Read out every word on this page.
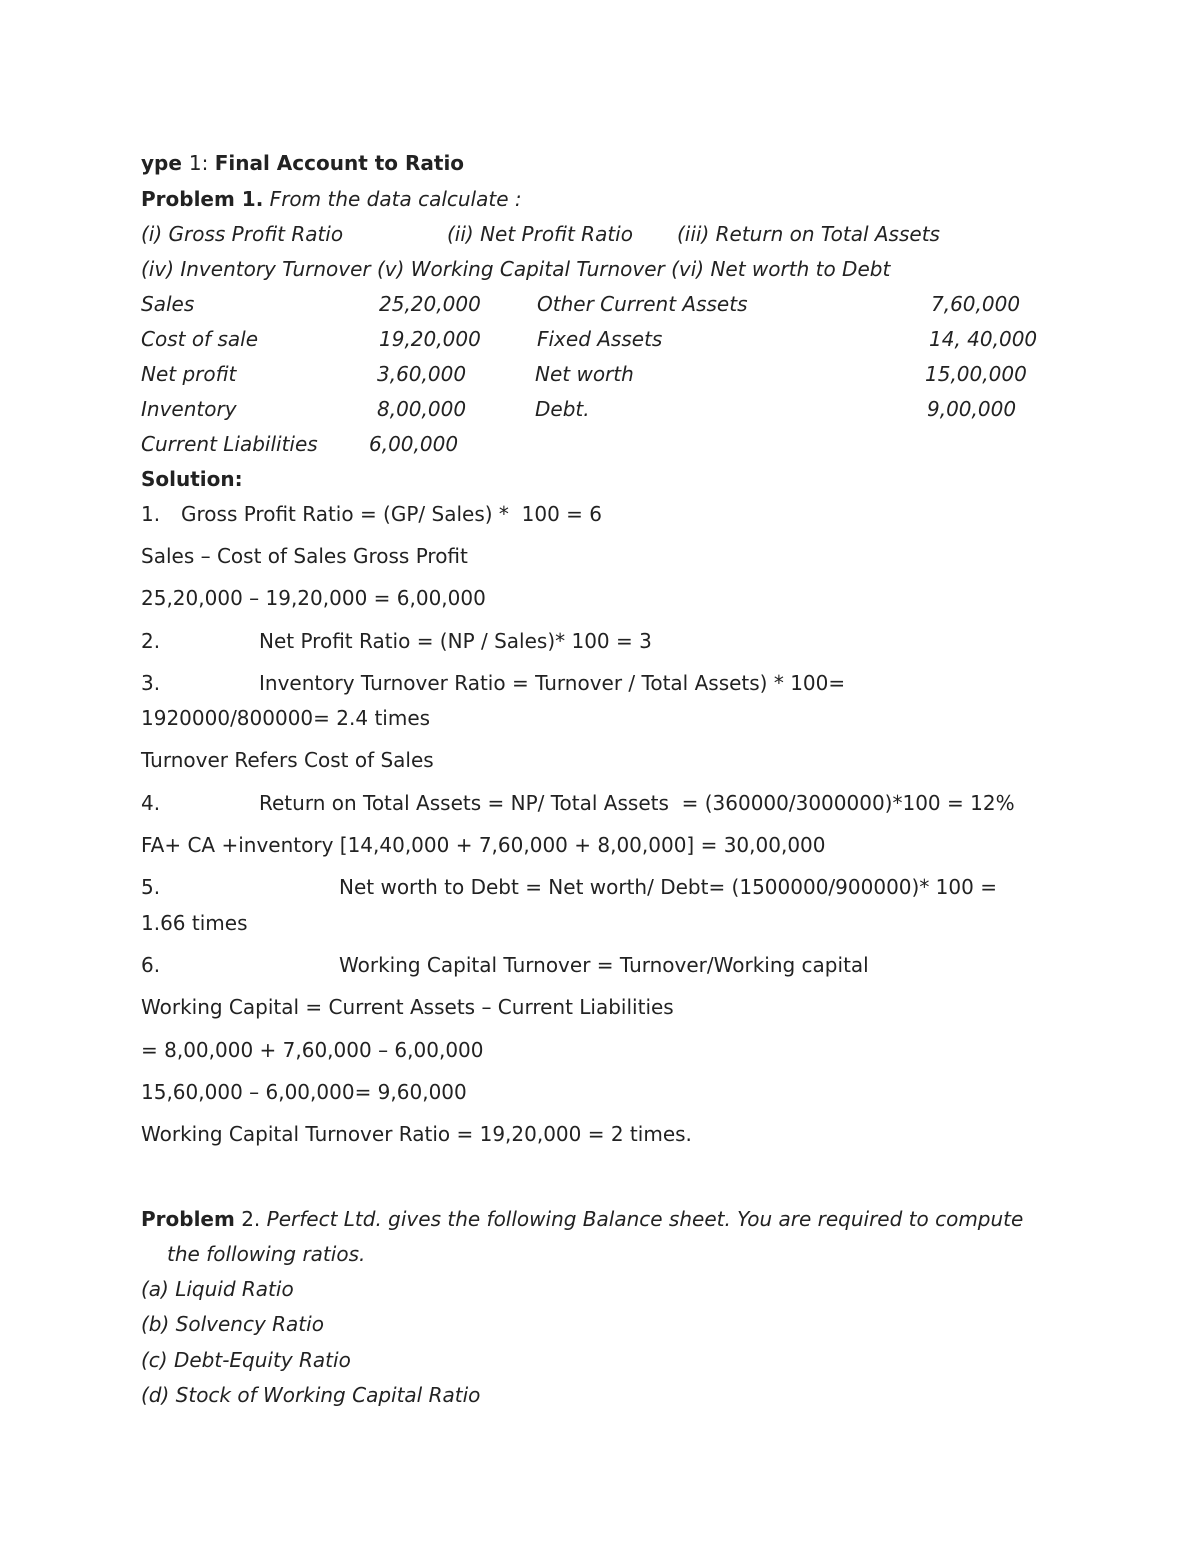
ype 1: Final Account to Ratio
Problem 1. From the data calculate :
(i) Gross Profit Ratio	(ii) Net Profit Ratio (iii) Return on Total Assets
(iv) Inventory Turnover (v) Working Capital Turnover (vi) Net worth to Debt
Sales	25,20,000	Other Current Assets	7,60,000
Cost of sale	19,20,000	Fixed Assets	14, 40,000
Net profit	3,60,000	Net worth	15,00,000
Inventory	8,00,000	Debt.	9,00,000
Current Liabilities	6,00,000
Solution:
1. Gross Profit Ratio = (GP/ Sales) *  100 = 6
Sales – Cost of Sales Gross Profit
25,20,000 – 19,20,000 = 6,00,000
2.	Net Profit Ratio = (NP / Sales)* 100 = 3
3.	Inventory Turnover Ratio = Turnover / Total Assets) * 100=
1920000/800000= 2.4 times
Turnover Refers Cost of Sales
4.	Return on Total Assets = NP/ Total Assets  = (360000/3000000)*100 = 12%
FA+ CA +inventory [14,40,000 + 7,60,000 + 8,00,000] = 30,00,000
5.	Net worth to Debt = Net worth/ Debt= (1500000/900000)* 100 =
1.66 times
6.	Working Capital Turnover = Turnover/Working capital
Working Capital = Current Assets – Current Liabilities
= 8,00,000 + 7,60,000 – 6,00,000
15,60,000 – 6,00,000= 9,60,000
Working Capital Turnover Ratio = 19,20,000 = 2 times.
Problem 2. Perfect Ltd. gives the following Balance sheet. You are required to compute
the following ratios.
(a) Liquid Ratio
(b) Solvency Ratio
(c) Debt-Equity Ratio
(d) Stock of Working Capital Ratio
